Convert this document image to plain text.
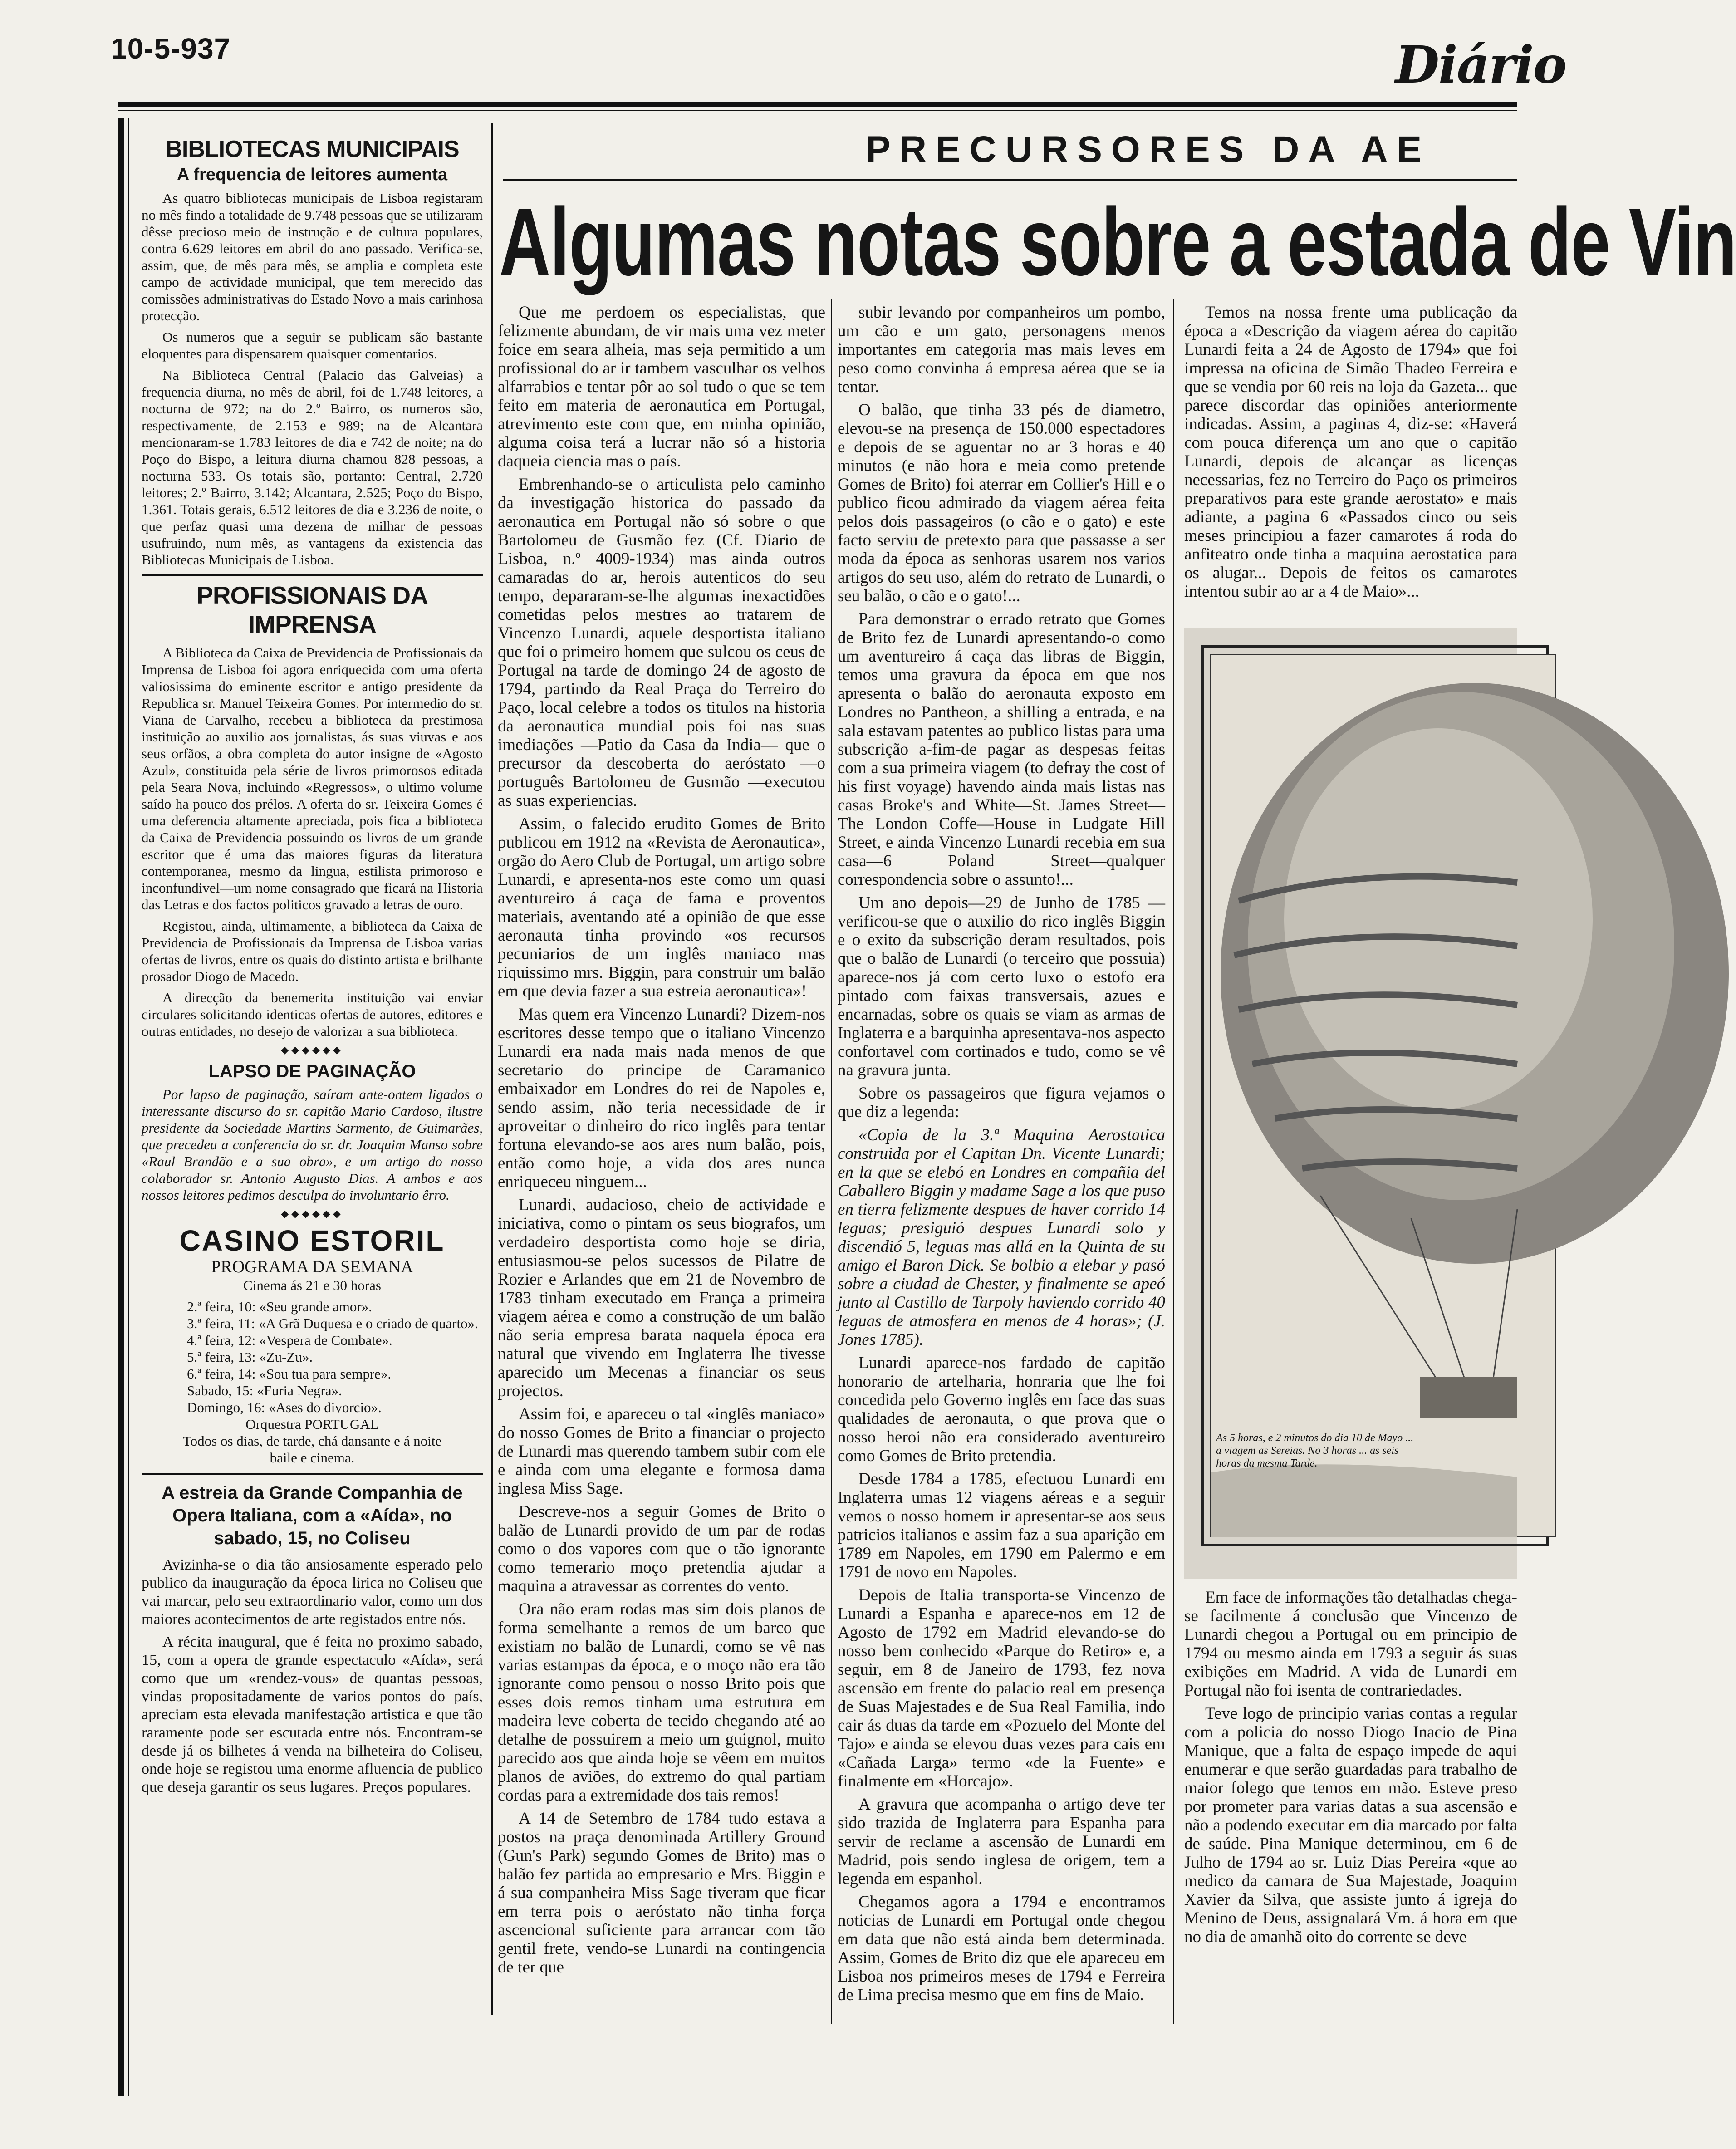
10-5-937	Diário
BIBLIOTECAS MUNICIPAIS
A frequencia de leitores aumenta

As quatro bibliotecas municipais de Lisboa registaram no mês findo a totalidade de 9.748 pessoas que se utilizaram dêsse precioso meio de instrução e de cultura populares, contra 6.629 leitores em abril do ano passado. Verifica-se, assim, que, de mês para mês, se amplia e completa este campo de actividade municipal, que tem merecido das comissões administrativas do Estado Novo a mais carinhosa protecção.

Os numeros que a seguir se publicam são bastante eloquentes para dispensarem quaisquer comentarios.

Na Biblioteca Central (Palacio das Galveias) a frequencia diurna, no mês de abril, foi de 1.748 leitores, a nocturna de 972; na do 2.º Bairro, os numeros são, respectivamente, de 2.153 e 989; na de Alcantara mencionaram-se 1.783 leitores de dia e 742 de noite; na do Poço do Bispo, a leitura diurna chamou 828 pessoas, a nocturna 533. Os totais são, portanto: Central, 2.720 leitores; 2.º Bairro, 3.142; Alcantara, 2.525; Poço do Bispo, 1.361. Totais gerais, 6.512 leitores de dia e 3.236 de noite, o que perfaz quasi uma dezena de milhar de pessoas usufruindo, num mês, as vantagens da existencia das Bibliotecas Municipais de Lisboa.

PROFISSIONAIS DA IMPRENSA

A Biblioteca da Caixa de Previdencia de Profissionais da Imprensa de Lisboa foi agora enriquecida com uma oferta valiosissima do eminente escritor e antigo presidente da Republica sr. Manuel Teixeira Gomes. Por intermedio do sr. Viana de Carvalho, recebeu a biblioteca da prestimosa instituição ao auxilio aos jornalistas, ás suas viuvas e aos seus orfãos, a obra completa do autor insigne de «Agosto Azul», constituida pela série de livros primorosos editada pela Seara Nova, incluindo «Regressos», o ultimo volume saído ha pouco dos prélos. A oferta do sr. Teixeira Gomes é uma deferencia altamente apreciada, pois fica a biblioteca da Caixa de Previdencia possuindo os livros de um grande escritor que é uma das maiores figuras da literatura contemporanea, mesmo da lingua, estilista primoroso e inconfundivel—um nome consagrado que ficará na Historia das Letras e dos factos politicos gravado a letras de ouro.

Registou, ainda, ultimamente, a biblioteca da Caixa de Previdencia de Profissionais da Imprensa de Lisboa varias ofertas de livros, entre os quais do distinto artista e brilhante prosador Diogo de Macedo.

A direcção da benemerita instituição vai enviar circulares solicitando identicas ofertas de autores, editores e outras entidades, no desejo de valorizar a sua biblioteca.

◆◆◆◆◆◆
LAPSO DE PAGINAÇÃO

Por lapso de paginação, saíram ante-ontem ligados o interessante discurso do sr. capitão Mario Cardoso, ilustre presidente da Sociedade Martins Sarmento, de Guimarães, que precedeu a conferencia do sr. dr. Joaquim Manso sobre «Raul Brandão e a sua obra», e um artigo do nosso colaborador sr. Antonio Augusto Dias. A ambos e aos nossos leitores pedimos desculpa do involuntario êrro.

◆◆◆◆◆◆
CASINO ESTORIL
PROGRAMA DA SEMANA
Cinema ás 21 e 30 horas
2.ª feira, 10: «Seu grande amor».
3.ª feira, 11: «A Grã Duquesa e o criado de quarto».
4.ª feira, 12: «Vespera de Combate».
5.ª feira, 13: «Zu-Zu».
6.ª feira, 14: «Sou tua para sempre».
Sabado, 15: «Furia Negra».
Domingo, 16: «Ases do divorcio».
Orquestra PORTUGAL
Todos os dias, de tarde, chá dansante e á noite baile e cinema.
A estreia da Grande Companhia de Opera Italiana, com a «Aída», no sabado, 15, no Coliseu

Avizinha-se o dia tão ansiosamente esperado pelo publico da inauguração da época lirica no Coliseu que vai marcar, pelo seu extraordinario valor, como um dos maiores acontecimentos de arte registados entre nós.

A récita inaugural, que é feita no proximo sabado, 15, com a opera de grande espectaculo «Aída», será como que um «rendez-vous» de quantas pessoas, vindas propositadamente de varios pontos do país, apreciam esta elevada manifestação artistica e que tão raramente pode ser escutada entre nós. Encontram-se desde já os bilhetes á venda na bilheteira do Coliseu, onde hoje se registou uma enorme afluencia de publico que deseja garantir os seus lugares. Preços populares.

PRECURSORES DA AE
Algumas notas sobre a estada de Vin

Que me perdoem os especialistas, que felizmente abundam, de vir mais uma vez meter foice em seara alheia, mas seja permitido a um profissional do ar ir tambem vasculhar os velhos alfarrabios e tentar pôr ao sol tudo o que se tem feito em materia de aeronautica em Portugal, atrevimento este com que, em minha opinião, alguma coisa terá a lucrar não só a historia daqueia ciencia mas o país.

Embrenhando-se o articulista pelo caminho da investigação historica do passado da aeronautica em Portugal não só sobre o que Bartolomeu de Gusmão fez (Cf. Diario de Lisboa, n.º 4009-1934) mas ainda outros camaradas do ar, herois autenticos do seu tempo, depararam-se-lhe algumas inexactidões cometidas pelos mestres ao tratarem de Vincenzo Lunardi, aquele desportista italiano que foi o primeiro homem que sulcou os ceus de Portugal na tarde de domingo 24 de agosto de 1794, partindo da Real Praça do Terreiro do Paço, local celebre a todos os titulos na historia da aeronautica mundial pois foi nas suas imediações —Patio da Casa da India— que o precursor da descoberta do aeróstato —o português Bartolomeu de Gusmão —executou as suas experiencias.

Assim, o falecido erudito Gomes de Brito publicou em 1912 na «Revista de Aeronautica», orgão do Aero Club de Portugal, um artigo sobre Lunardi, e apresenta-nos este como um quasi aventureiro á caça de fama e proventos materiais, aventando até a opinião de que esse aeronauta tinha provindo «os recursos pecuniarios de um inglês maniaco mas riquissimo mrs. Biggin, para construir um balão em que devia fazer a sua estreia aeronautica»!

Mas quem era Vincenzo Lunardi? Dizem-nos escritores desse tempo que o italiano Vincenzo Lunardi era nada mais nada menos de que secretario do principe de Caramanico embaixador em Londres do rei de Napoles e, sendo assim, não teria necessidade de ir aproveitar o dinheiro do rico inglês para tentar fortuna elevando-se aos ares num balão, pois, então como hoje, a vida dos ares nunca enriqueceu ninguem...

Lunardi, audacioso, cheio de actividade e iniciativa, como o pintam os seus biografos, um verdadeiro desportista como hoje se diria, entusiasmou-se pelos sucessos de Pilatre de Rozier e Arlandes que em 21 de Novembro de 1783 tinham executado em França a primeira viagem aérea e como a construção de um balão não seria empresa barata naquela época era natural que vivendo em Inglaterra lhe tivesse aparecido um Mecenas a financiar os seus projectos.

Assim foi, e apareceu o tal «inglês maniaco» do nosso Gomes de Brito a financiar o projecto de Lunardi mas querendo tambem subir com ele e ainda com uma elegante e formosa dama inglesa Miss Sage.

Descreve-nos a seguir Gomes de Brito o balão de Lunardi provido de um par de rodas como o dos vapores com que o tão ignorante como temerario moço pretendia ajudar a maquina a atravessar as correntes do vento.

Ora não eram rodas mas sim dois planos de forma semelhante a remos de um barco que existiam no balão de Lunardi, como se vê nas varias estampas da época, e o moço não era tão ignorante como pensou o nosso Brito pois que esses dois remos tinham uma estrutura em madeira leve coberta de tecido chegando até ao detalhe de possuirem a meio um guignol, muito parecido aos que ainda hoje se vêem em muitos planos de aviões, do extremo do qual partiam cordas para a extremidade dos tais remos!

A 14 de Setembro de 1784 tudo estava a postos na praça denominada Artillery Ground (Gun's Park) segundo Gomes de Brito) mas o balão fez partida ao empresario e Mrs. Biggin e á sua companheira Miss Sage tiveram que ficar em terra pois o aeróstato não tinha força ascencional suficiente para arrancar com tão gentil frete, vendo-se Lunardi na contingencia de ter que

subir levando por companheiros um pombo, um cão e um gato, personagens menos importantes em categoria mas mais leves em peso como convinha á empresa aérea que se ia tentar.

O balão, que tinha 33 pés de diametro, elevou-se na presença de 150.000 espectadores e depois de se aguentar no ar 3 horas e 40 minutos (e não hora e meia como pretende Gomes de Brito) foi aterrar em Collier's Hill e o publico ficou admirado da viagem aérea feita pelos dois passageiros (o cão e o gato) e este facto serviu de pretexto para que passasse a ser moda da época as senhoras usarem nos varios artigos do seu uso, além do retrato de Lunardi, o seu balão, o cão e o gato!...

Para demonstrar o errado retrato que Gomes de Brito fez de Lunardi apresentando-o como um aventureiro á caça das libras de Biggin, temos uma gravura da época em que nos apresenta o balão do aeronauta exposto em Londres no Pantheon, a shilling a entrada, e na sala estavam patentes ao publico listas para uma subscrição a-fim-de pagar as despesas feitas com a sua primeira viagem (to defray the cost of his first voyage) havendo ainda mais listas nas casas Broke's and White—St. James Street—The London Coffe—House in Ludgate Hill Street, e ainda Vincenzo Lunardi recebia em sua casa—6 Poland Street—qualquer correspondencia sobre o assunto!...

Um ano depois—29 de Junho de 1785 —verificou-se que o auxilio do rico inglês Biggin e o exito da subscrição deram resultados, pois que o balão de Lunardi (o terceiro que possuia) aparece-nos já com certo luxo o estofo era pintado com faixas transversais, azues e encarnadas, sobre os quais se viam as armas de Inglaterra e a barquinha apresentava-nos aspecto confortavel com cortinados e tudo, como se vê na gravura junta.

Sobre os passageiros que figura vejamos o que diz a legenda:

«Copia de la 3.ª Maquina Aerostatica construida por el Capitan Dn. Vicente Lunardi; en la que se elebó en Londres en compañia del Caballero Biggin y madame Sage a los que puso en tierra felizmente despues de haver corrido 14 leguas; presiguió despues Lunardi solo y discendió 5, leguas mas allá en la Quinta de su amigo el Baron Dick. Se bolbio a elebar y pasó sobre a ciudad de Chester, y finalmente se apeó junto al Castillo de Tarpoly haviendo corrido 40 leguas de atmosfera en menos de 4 horas»; (J. Jones 1785).

Lunardi aparece-nos fardado de capitão honorario de artelharia, honraria que lhe foi concedida pelo Governo inglês em face das suas qualidades de aeronauta, o que prova que o nosso heroi não era considerado aventureiro como Gomes de Brito pretendia.

Desde 1784 a 1785, efectuou Lunardi em Inglaterra umas 12 viagens aéreas e a seguir vemos o nosso homem ir apresentar-se aos seus patricios italianos e assim faz a sua aparição em 1789 em Napoles, em 1790 em Palermo e em 1791 de novo em Napoles.

Depois de Italia transporta-se Vincenzo de Lunardi a Espanha e aparece-nos em 12 de Agosto de 1792 em Madrid elevando-se do nosso bem conhecido «Parque do Retiro» e, a seguir, em 8 de Janeiro de 1793, fez nova ascensão em frente do palacio real em presença de Suas Majestades e de Sua Real Familia, indo cair ás duas da tarde em «Pozuelo del Monte del Tajo» e ainda se elevou duas vezes para cais em «Cañada Larga» termo «de la Fuente» e finalmente em «Horcajo».

A gravura que acompanha o artigo deve ter sido trazida de Inglaterra para Espanha para servir de reclame a ascensão de Lunardi em Madrid, pois sendo inglesa de origem, tem a legenda em espanhol.

Chegamos agora a 1794 e encontramos noticias de Lunardi em Portugal onde chegou em data que não está ainda bem determinada. Assim, Gomes de Brito diz que ele apareceu em Lisboa nos primeiros meses de 1794 e Ferreira de Lima precisa mesmo que em fins de Maio.

Temos na nossa frente uma publicação da época a «Descrição da viagem aérea do capitão Lunardi feita a 24 de Agosto de 1794» que foi impressa na oficina de Simão Thadeo Ferreira e que se vendia por 60 reis na loja da Gazeta... que parece discordar das opiniões anteriormente indicadas. Assim, a paginas 4, diz-se: «Haverá com pouca diferença um ano que o capitão Lunardi, depois de alcançar as licenças necessarias, fez no Terreiro do Paço os primeiros preparativos para este grande aerostato» e mais adiante, a pagina 6 «Passados cinco ou seis meses principiou a fazer camarotes á roda do anfiteatro onde tinha a maquina aerostatica para os alugar... Depois de feitos os camarotes intentou subir ao ar a 4 de Maio»...

As 5 horas, e 2 minutos do dia 10 de Mayo ... a viagem as Sereias. No 3 horas ... as seis horas da mesma Tarde.

Em face de informações tão detalhadas chega-se facilmente á conclusão que Vincenzo de Lunardi chegou a Portugal ou em principio de 1794 ou mesmo ainda em 1793 a seguir ás suas exibições em Madrid. A vida de Lunardi em Portugal não foi isenta de contrariedades.

Teve logo de principio varias contas a regular com a policia do nosso Diogo Inacio de Pina Manique, que a falta de espaço impede de aqui enumerar e que serão guardadas para trabalho de maior folego que temos em mão. Esteve preso por prometer para varias datas a sua ascensão e não a podendo executar em dia marcado por falta de saúde. Pina Manique determinou, em 6 de Julho de 1794 ao sr. Luiz Dias Pereira «que ao medico da camara de Sua Majestade, Joaquim Xavier da Silva, que assiste junto á igreja do Menino de Deus, assignalará Vm. á hora em que no dia de amanhã oito do corrente se deve
